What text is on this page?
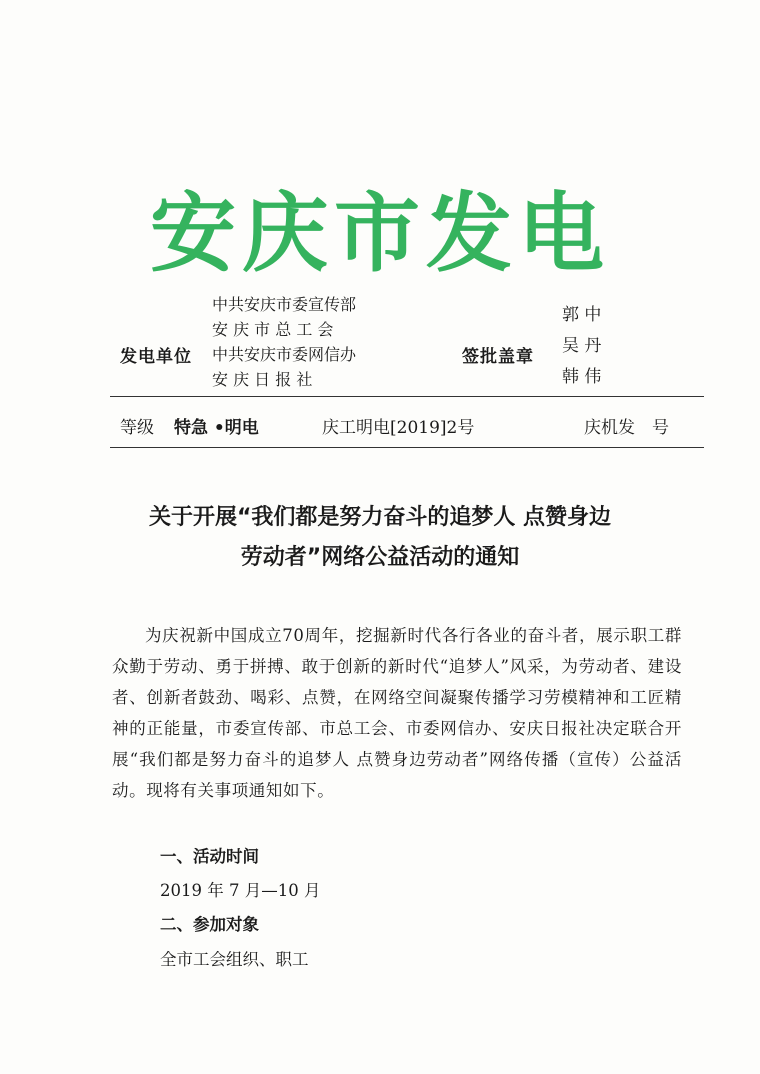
安庆市发电
发电单位
中共安庆市委宣传部
安 庆 市 总 工 会
中共安庆市委网信办
安 庆 日 报 社
签批盖章
郭 中
吴 丹
韩 伟
等级 特急 •明电	庆工明电[2019]2号	庆机发　号
关于开展“我们都是努力奋斗的追梦人 点赞身边
劳动者”网络公益活动的通知
为庆祝新中国成立70周年，挖掘新时代各行各业的奋斗者，展示职工群众勤于劳动、勇于拼搏、敢于创新的新时代“追梦人”风采，为劳动者、建设者、创新者鼓劲、喝彩、点赞，在网络空间凝聚传播学习劳模精神和工匠精神的正能量，市委宣传部、市总工会、市委网信办、安庆日报社决定联合开展“我们都是努力奋斗的追梦人 点赞身边劳动者”网络传播（宣传）公益活动。现将有关事项通知如下。
一、活动时间
2019 年 7 月—10 月
二、参加对象
全市工会组织、职工
